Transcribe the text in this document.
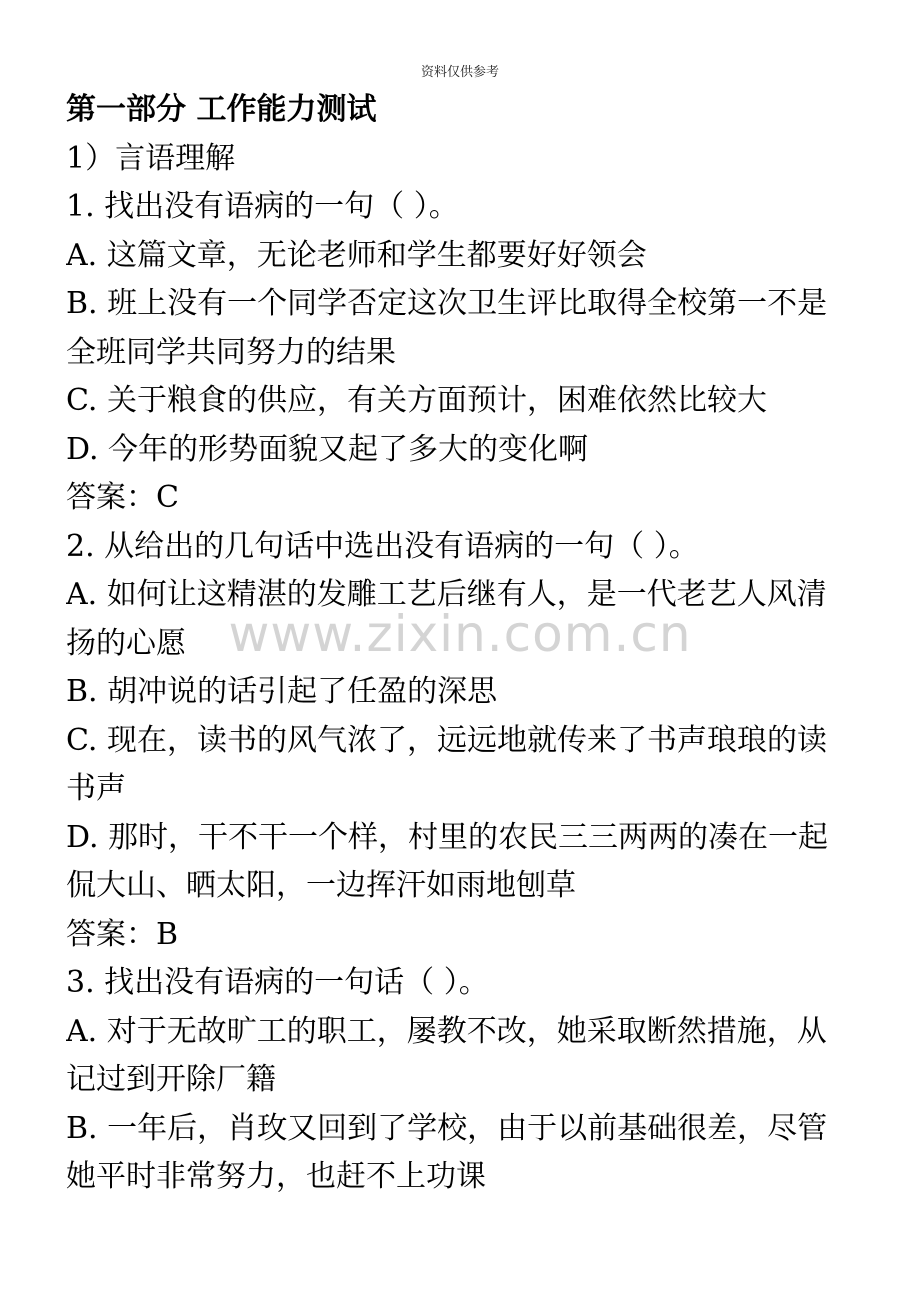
资料仅供参考
第一部分 工作能力测试
1）言语理解
1. 找出没有语病的一句（ ）。
A. 这篇文章，无论老师和学生都要好好领会
B. 班上没有一个同学否定这次卫生评比取得全校第一不是
全班同学共同努力的结果
C. 关于粮食的供应，有关方面预计，困难依然比较大
D. 今年的形势面貌又起了多大的变化啊
答案：C
2. 从给出的几句话中选出没有语病的一句（ ）。
A. 如何让这精湛的发雕工艺后继有人，是一代老艺人风清
扬的心愿
B. 胡冲说的话引起了任盈的深思
C. 现在，读书的风气浓了，远远地就传来了书声琅琅的读
书声
D. 那时，干不干一个样，村里的农民三三两两的凑在一起
侃大山、晒太阳，一边挥汗如雨地刨草
答案：B
3. 找出没有语病的一句话（ ）。
A. 对于无故旷工的职工，屡教不改，她采取断然措施，从
记过到开除厂籍
B. 一年后，肖玫又回到了学校，由于以前基础很差，尽管
她平时非常努力，也赶不上功课
www.zixin.com.cn
